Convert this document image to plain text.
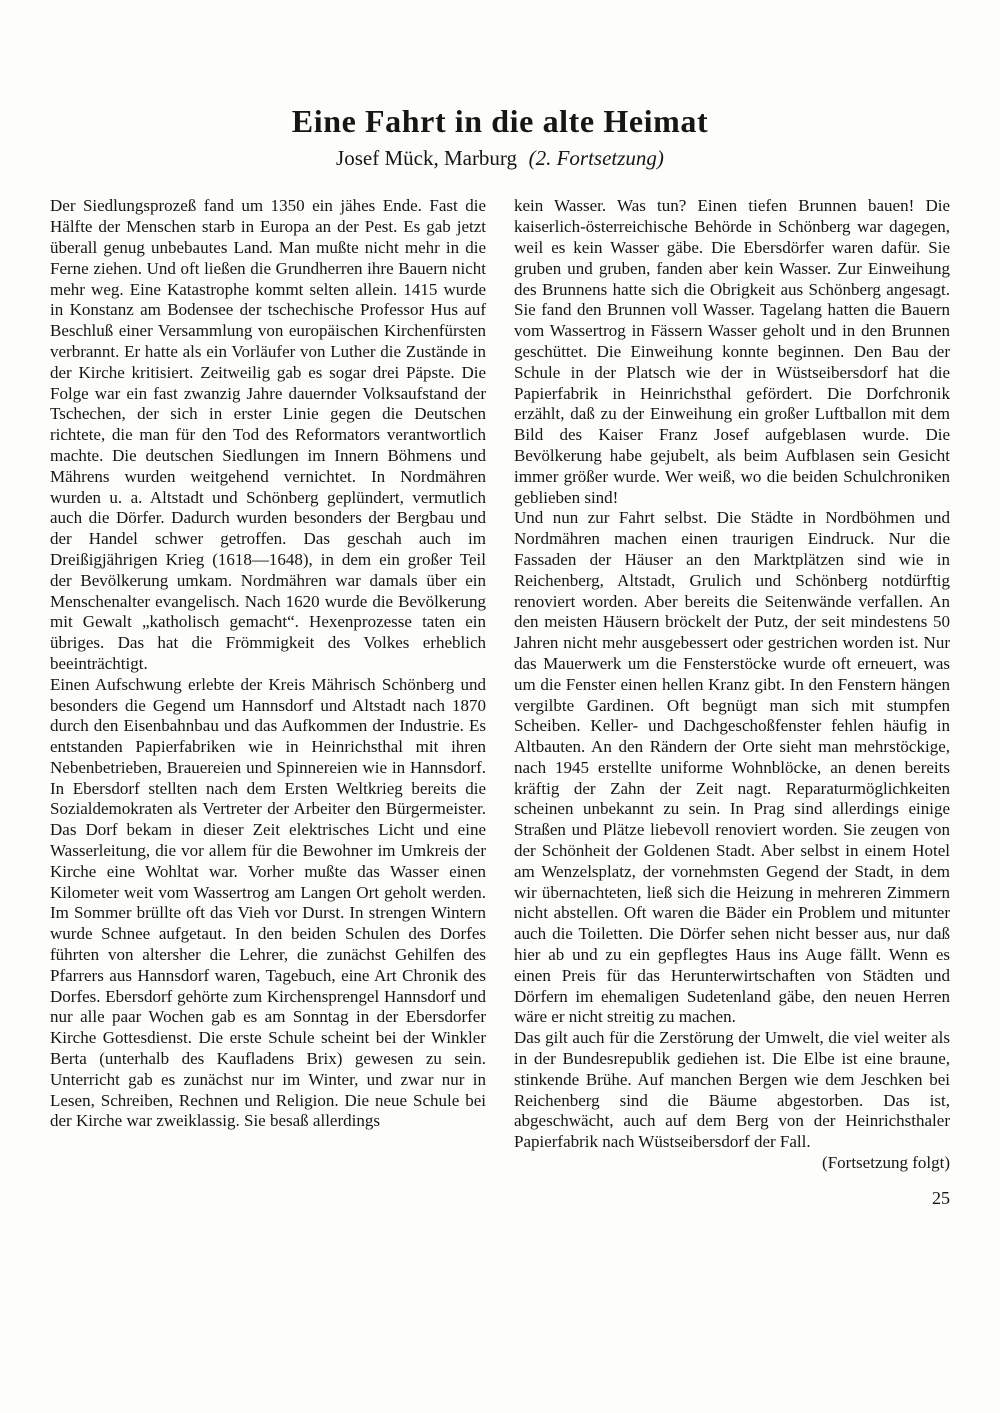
Eine Fahrt in die alte Heimat
Josef Mück, Marburg (2. Fortsetzung)

Der Siedlungsprozeß fand um 1350 ein jähes Ende. Fast die Hälfte der Menschen starb in Europa an der Pest. Es gab jetzt überall genug unbebautes Land. Man mußte nicht mehr in die Ferne ziehen. Und oft ließen die Grundherren ihre Bauern nicht mehr weg. Eine Katastrophe kommt selten allein. 1415 wurde in Konstanz am Bodensee der tschechische Professor Hus auf Beschluß einer Versammlung von europäischen Kirchenfürsten verbrannt. Er hatte als ein Vorläufer von Luther die Zustände in der Kirche kritisiert. Zeitweilig gab es sogar drei Päpste. Die Folge war ein fast zwanzig Jahre dauernder Volksaufstand der Tschechen, der sich in erster Linie gegen die Deutschen richtete, die man für den Tod des Reformators verantwortlich machte. Die deutschen Siedlungen im Innern Böhmens und Mährens wurden weitgehend vernichtet. In Nordmähren wurden u. a. Altstadt und Schönberg geplündert, vermutlich auch die Dörfer. Dadurch wurden besonders der Bergbau und der Handel schwer getroffen. Das geschah auch im Dreißigjährigen Krieg (1618—1648), in dem ein großer Teil der Bevölkerung umkam. Nordmähren war damals über ein Menschenalter evangelisch. Nach 1620 wurde die Bevölkerung mit Gewalt „katholisch gemacht“. Hexenprozesse taten ein übriges. Das hat die Frömmigkeit des Volkes erheblich beeinträchtigt.

Einen Aufschwung erlebte der Kreis Mährisch Schönberg und besonders die Gegend um Hannsdorf und Altstadt nach 1870 durch den Eisenbahnbau und das Aufkommen der Industrie. Es entstanden Papierfabriken wie in Heinrichsthal mit ihren Nebenbetrieben, Brauereien und Spinnereien wie in Hannsdorf. In Ebersdorf stellten nach dem Ersten Weltkrieg bereits die Sozialdemokraten als Vertreter der Arbeiter den Bürgermeister. Das Dorf bekam in dieser Zeit elektrisches Licht und eine Wasserleitung, die vor allem für die Bewohner im Umkreis der Kirche eine Wohltat war. Vorher mußte das Wasser einen Kilometer weit vom Wassertrog am Langen Ort geholt werden. Im Sommer brüllte oft das Vieh vor Durst. In strengen Wintern wurde Schnee aufgetaut. In den beiden Schulen des Dorfes führten von altersher die Lehrer, die zunächst Gehilfen des Pfarrers aus Hannsdorf waren, Tagebuch, eine Art Chronik des Dorfes. Ebersdorf gehörte zum Kirchensprengel Hannsdorf und nur alle paar Wochen gab es am Sonntag in der Ebersdorfer Kirche Gottesdienst. Die erste Schule scheint bei der Winkler Berta (unterhalb des Kaufladens Brix) gewesen zu sein. Unterricht gab es zunächst nur im Winter, und zwar nur in Lesen, Schreiben, Rechnen und Religion. Die neue Schule bei der Kirche war zweiklassig. Sie besaß allerdings

kein Wasser. Was tun? Einen tiefen Brunnen bauen! Die kaiserlich-österreichische Behörde in Schönberg war dagegen, weil es kein Wasser gäbe. Die Ebersdörfer waren dafür. Sie gruben und gruben, fanden aber kein Wasser. Zur Einweihung des Brunnens hatte sich die Obrigkeit aus Schönberg angesagt. Sie fand den Brunnen voll Wasser. Tagelang hatten die Bauern vom Wassertrog in Fässern Wasser geholt und in den Brunnen geschüttet. Die Einweihung konnte beginnen. Den Bau der Schule in der Platsch wie der in Wüstseibersdorf hat die Papierfabrik in Heinrichsthal gefördert. Die Dorfchronik erzählt, daß zu der Einweihung ein großer Luftballon mit dem Bild des Kaiser Franz Josef aufgeblasen wurde. Die Bevölkerung habe gejubelt, als beim Aufblasen sein Gesicht immer größer wurde. Wer weiß, wo die beiden Schulchroniken geblieben sind!

Und nun zur Fahrt selbst. Die Städte in Nordböhmen und Nordmähren machen einen traurigen Eindruck. Nur die Fassaden der Häuser an den Marktplätzen sind wie in Reichenberg, Altstadt, Grulich und Schönberg notdürftig renoviert worden. Aber bereits die Seitenwände verfallen. An den meisten Häusern bröckelt der Putz, der seit mindestens 50 Jahren nicht mehr ausgebessert oder gestrichen worden ist. Nur das Mauerwerk um die Fensterstöcke wurde oft erneuert, was um die Fenster einen hellen Kranz gibt. In den Fenstern hängen vergilbte Gardinen. Oft begnügt man sich mit stumpfen Scheiben. Keller- und Dachgeschoßfenster fehlen häufig in Altbauten. An den Rändern der Orte sieht man mehrstöckige, nach 1945 erstellte uniforme Wohnblöcke, an denen bereits kräftig der Zahn der Zeit nagt. Reparaturmöglichkeiten scheinen unbekannt zu sein. In Prag sind allerdings einige Straßen und Plätze liebevoll renoviert worden. Sie zeugen von der Schönheit der Goldenen Stadt. Aber selbst in einem Hotel am Wenzelsplatz, der vornehmsten Gegend der Stadt, in dem wir übernachteten, ließ sich die Heizung in mehreren Zimmern nicht abstellen. Oft waren die Bäder ein Problem und mitunter auch die Toiletten. Die Dörfer sehen nicht besser aus, nur daß hier ab und zu ein gepflegtes Haus ins Auge fällt. Wenn es einen Preis für das Herunterwirtschaften von Städten und Dörfern im ehemaligen Sudetenland gäbe, den neuen Herren wäre er nicht streitig zu machen.

Das gilt auch für die Zerstörung der Umwelt, die viel weiter als in der Bundesrepublik gediehen ist. Die Elbe ist eine braune, stinkende Brühe. Auf manchen Bergen wie dem Jeschken bei Reichenberg sind die Bäume abgestorben. Das ist, abgeschwächt, auch auf dem Berg von der Heinrichsthaler Papierfabrik nach Wüstseibersdorf der Fall.
(Fortsetzung folgt)

25
